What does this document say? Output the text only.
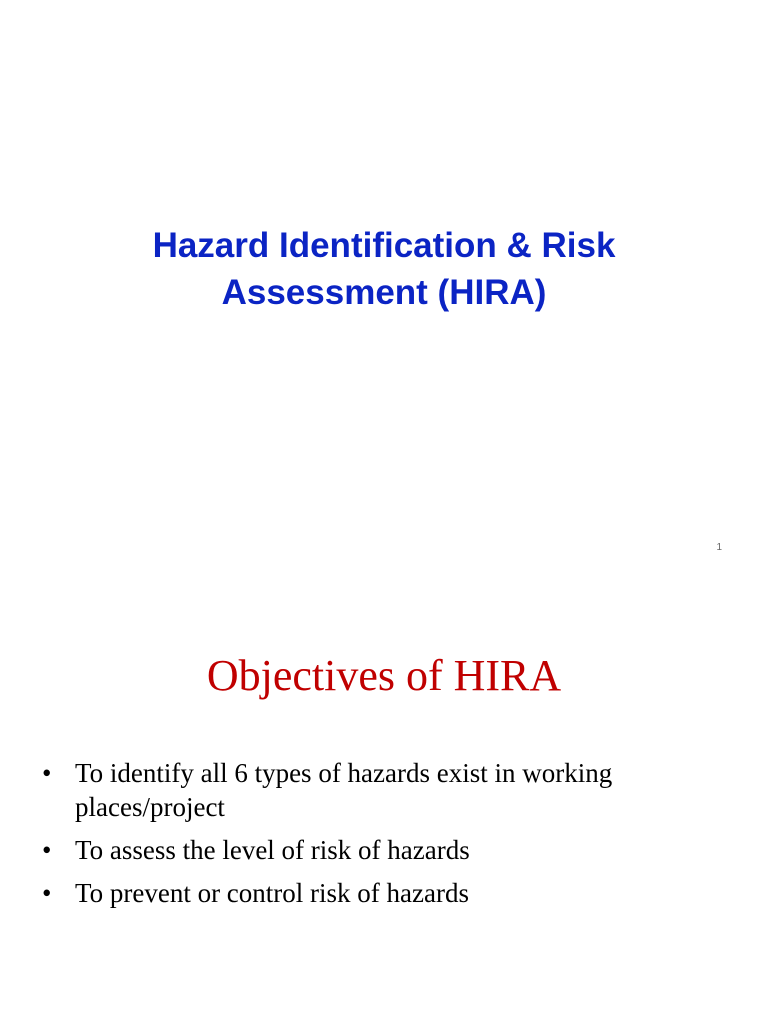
Hazard Identification & Risk
Assessment (HIRA)
1
Objectives of HIRA
• To identify all 6 types of hazards exist in working places/project
• To assess the level of risk of hazards
• To prevent or control risk of hazards
